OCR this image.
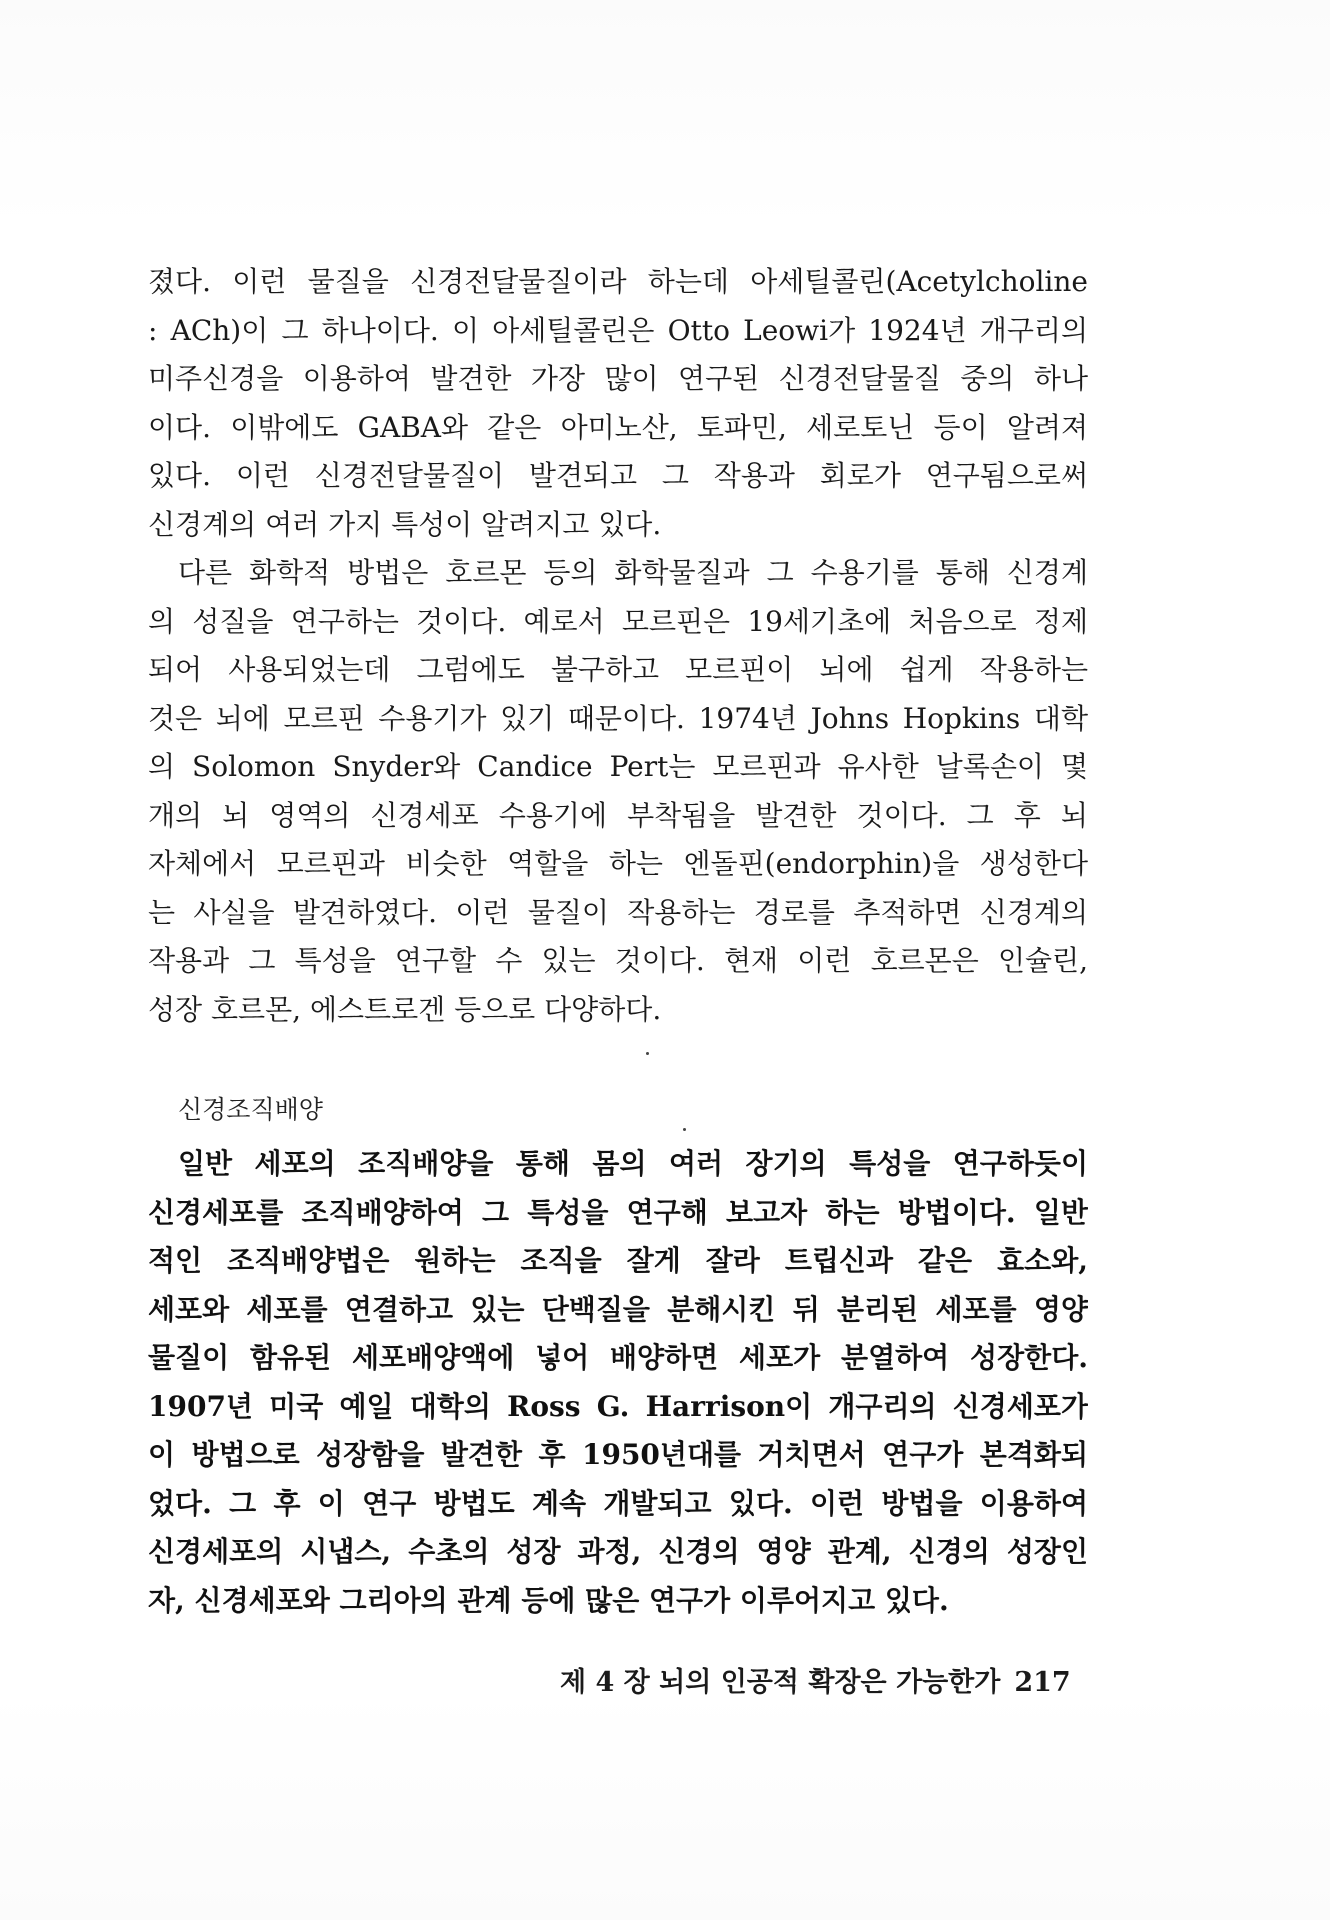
졌다. 이런 물질을 신경전달물질이라 하는데 아세틸콜린(Acetylcholine
: ACh)이 그 하나이다. 이 아세틸콜린은 Otto Leowi가 1924년 개구리의
미주신경을 이용하여 발견한 가장 많이 연구된 신경전달물질 중의 하나
이다. 이밖에도 GABA와 같은 아미노산, 토파민, 세로토닌 등이 알려져
있다. 이런 신경전달물질이 발견되고 그 작용과 회로가 연구됨으로써
신경계의 여러 가지 특성이 알려지고 있다.
다른 화학적 방법은 호르몬 등의 화학물질과 그 수용기를 통해 신경계
의 성질을 연구하는 것이다. 예로서 모르핀은 19세기초에 처음으로 정제
되어 사용되었는데 그럼에도 불구하고 모르핀이 뇌에 쉽게 작용하는
것은 뇌에 모르핀 수용기가 있기 때문이다. 1974년 Johns Hopkins 대학
의 Solomon Snyder와 Candice Pert는 모르핀과 유사한 날록손이 몇
개의 뇌 영역의 신경세포 수용기에 부착됨을 발견한 것이다. 그 후 뇌
자체에서 모르핀과 비슷한 역할을 하는 엔돌핀(endorphin)을 생성한다
는 사실을 발견하였다. 이런 물질이 작용하는 경로를 추적하면 신경계의
작용과 그 특성을 연구할 수 있는 것이다. 현재 이런 호르몬은 인슐린,
성장 호르몬, 에스트로겐 등으로 다양하다.
신경조직배양
일반 세포의 조직배양을 통해 몸의 여러 장기의 특성을 연구하듯이
신경세포를 조직배양하여 그 특성을 연구해 보고자 하는 방법이다. 일반
적인 조직배양법은 원하는 조직을 잘게 잘라 트립신과 같은 효소와,
세포와 세포를 연결하고 있는 단백질을 분해시킨 뒤 분리된 세포를 영양
물질이 함유된 세포배양액에 넣어 배양하면 세포가 분열하여 성장한다.
1907년 미국 예일 대학의 Ross G. Harrison이 개구리의 신경세포가
이 방법으로 성장함을 발견한 후 1950년대를 거치면서 연구가 본격화되
었다. 그 후 이 연구 방법도 계속 개발되고 있다. 이런 방법을 이용하여
신경세포의 시냅스, 수초의 성장 과정, 신경의 영양 관계, 신경의 성장인
자, 신경세포와 그리아의 관계 등에 많은 연구가 이루어지고 있다.
제 4 장 뇌의 인공적 확장은 가능한가 217
